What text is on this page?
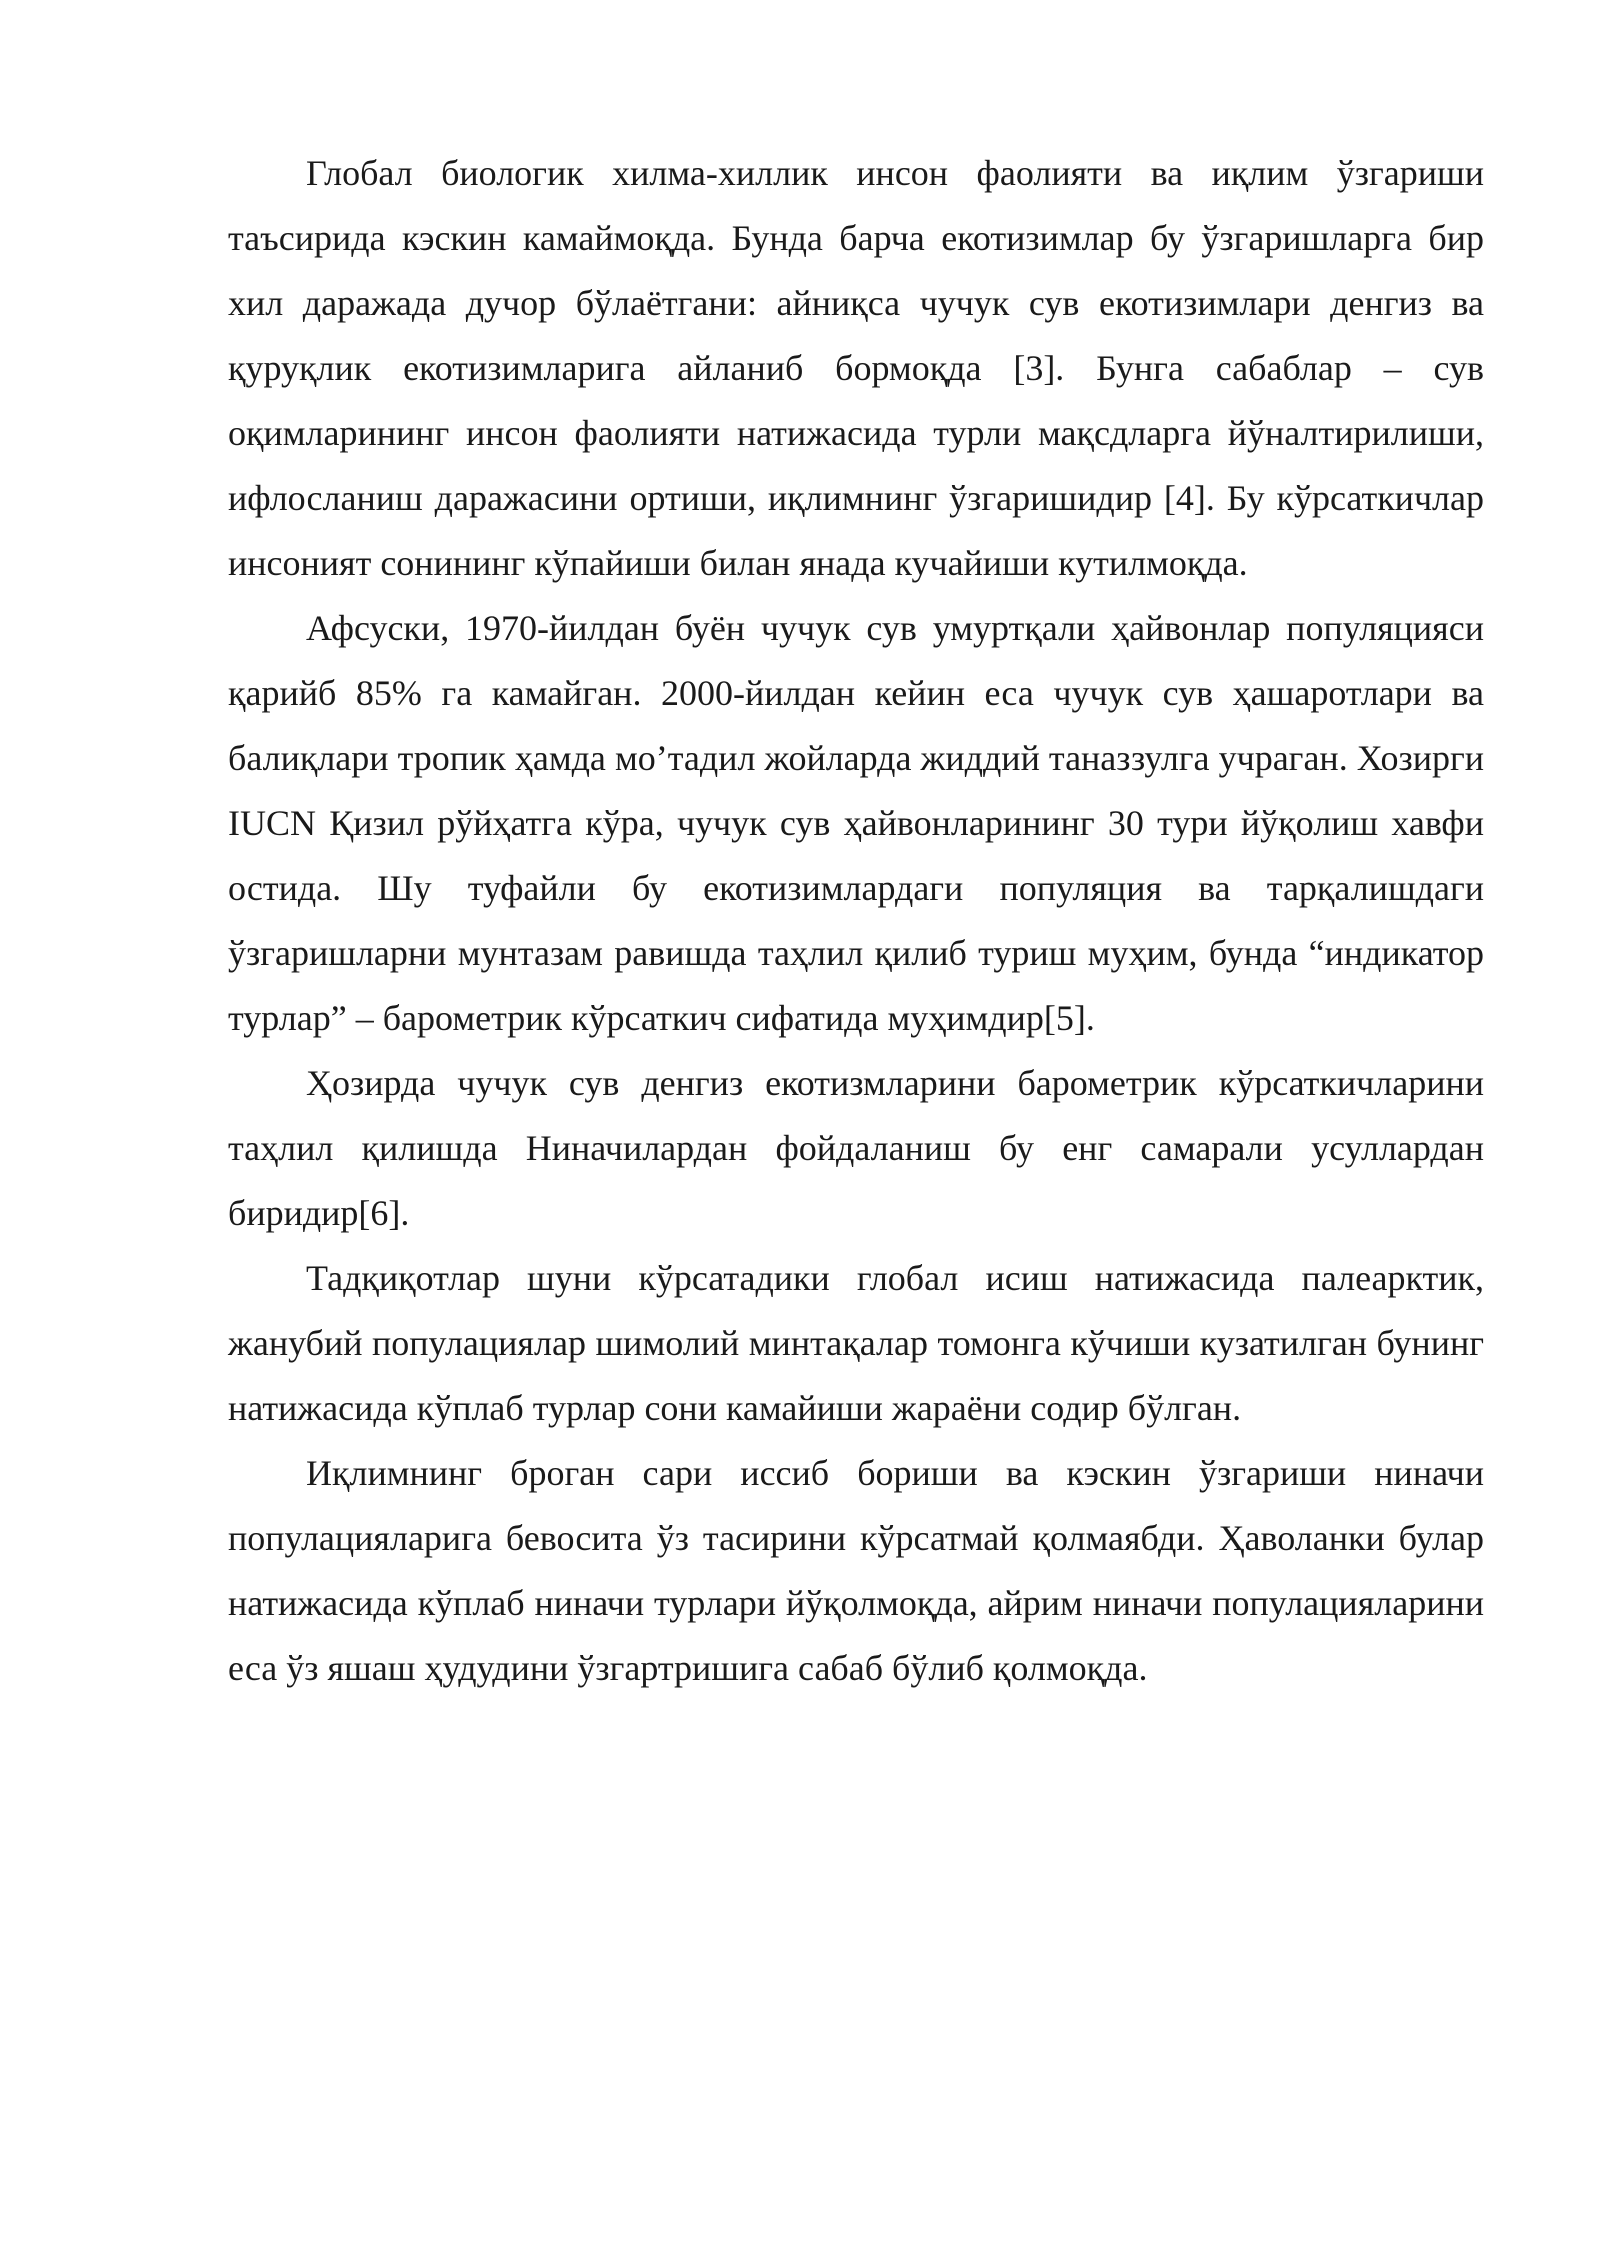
Глобал биологик хилма-хиллик инсон фаолияти ва иқлим ўзгариши таъсирида кэскин камаймоқда. Бунда барча екотизимлар бу ўзгаришларга бир хил даражада дучор бўлаётгани: айниқса чучук сув екотизимлари денгиз ва қуруқлик екотизимларига айланиб бормоқда [3]. Бунга сабаблар – сув оқимларининг инсон фаолияти натижасида турли мақсдларга йўналтирилиши, ифлосланиш даражасини ортиши, иқлимнинг ўзгаришидир [4]. Бу кўрсаткичлар инсоният сонининг кўпайиши билан янада кучайиши кутилмоқда.

Афсуски, 1970-йилдан буён чучук сув умуртқали ҳайвонлар популяцияси қарийб 85% га камайган. 2000-йилдан кейин еса чучук сув ҳашаротлари ва балиқлари тропик ҳамда мо’тадил жойларда жиддий таназзулга учраган. Хозирги IUCN Қизил рўйҳатга кўра, чучук сув ҳайвонларининг 30 тури йўқолиш хавфи остида. Шу туфайли бу екотизимлардаги популяция ва тарқалишдаги ўзгаришларни мунтазам равишда таҳлил қилиб туриш муҳим, бунда “индикатор турлар” – барометрик кўрсаткич сифатида муҳимдир[5].

Ҳозирда чучук сув денгиз екотизмларини барометрик кўрсаткичларини таҳлил қилишда Ниначилардан фойдаланиш бу енг самарали усуллардан биридир[6].

Тадқиқотлар шуни кўрсатадики глобал исиш натижасида палеарктик, жанубий популациялар шимолий минтақалар томонга кўчиши кузатилган бунинг натижасида кўплаб турлар сони камайиши жараёни содир бўлган.

Иқлимнинг броган сари иссиб бориши ва кэскин ўзгариши ниначи популацияларига бевосита ўз тасирини кўрсатмай қолмаябди. Ҳаволанки булар натижасида кўплаб ниначи турлари йўқолмоқда, айрим ниначи популацияларини еса ўз яшаш ҳудудини ўзгартришига сабаб бўлиб қолмоқда.
